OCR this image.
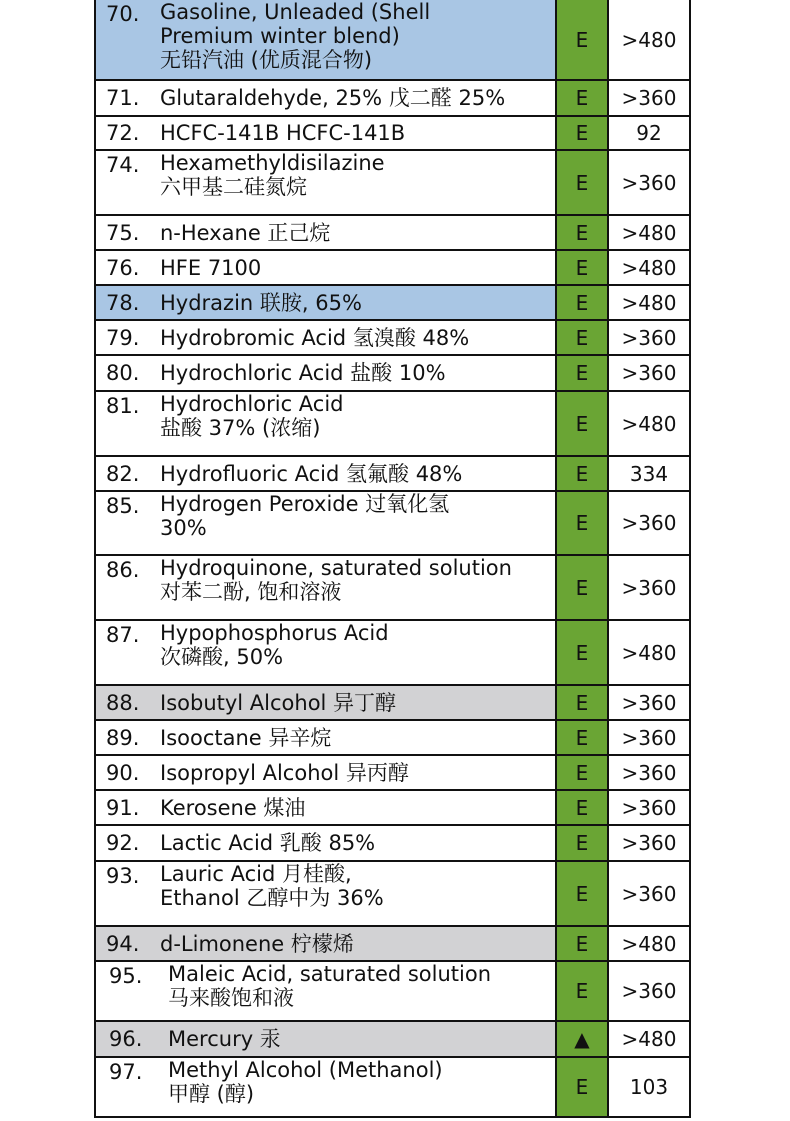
70. Gasoline, Unleaded (Shell
Premium winter blend)
无铅汽油 (优质混合物)
E	>480
71. Glutaraldehyde, 25% 戊二醛 25%	E	>360
72. HCFC-141B HCFC-141B	E	92
74. Hexamethyldisilazine
六甲基二硅氮烷	E	>360
75. n-Hexane 正己烷	E	>480
76. HFE 7100	E	>480
78. Hydrazin 联胺, 65%	E	>480
79. Hydrobromic Acid 氢溴酸 48%	E	>360
80. Hydrochloric Acid 盐酸 10%	E	>360
81. Hydrochloric Acid
盐酸 37% (浓缩)	E	>480
82. Hydrofluoric Acid 氢氟酸 48%	E	334
85. Hydrogen Peroxide 过氧化氢
30%	E	>360
86. Hydroquinone, saturated solution
对苯二酚, 饱和溶液	E	>360
87. Hypophosphorus Acid
次磷酸, 50%	E	>480
88. Isobutyl Alcohol 异丁醇	E	>360
89. Isooctane 异辛烷	E	>360
90. Isopropyl Alcohol 异丙醇	E	>360
91. Kerosene 煤油	E	>360
92. Lactic Acid 乳酸 85%	E	>360
93. Lauric Acid 月桂酸,
Ethanol 乙醇中为 36%	E	>360
94. d-Limonene 柠檬烯	E	>480
95.	Maleic Acid, saturated solution
马来酸饱和液	E	>360
96.	Mercury 汞	▲	>480
97.	Methyl Alcohol (Methanol)
甲醇 (醇)	E	103
